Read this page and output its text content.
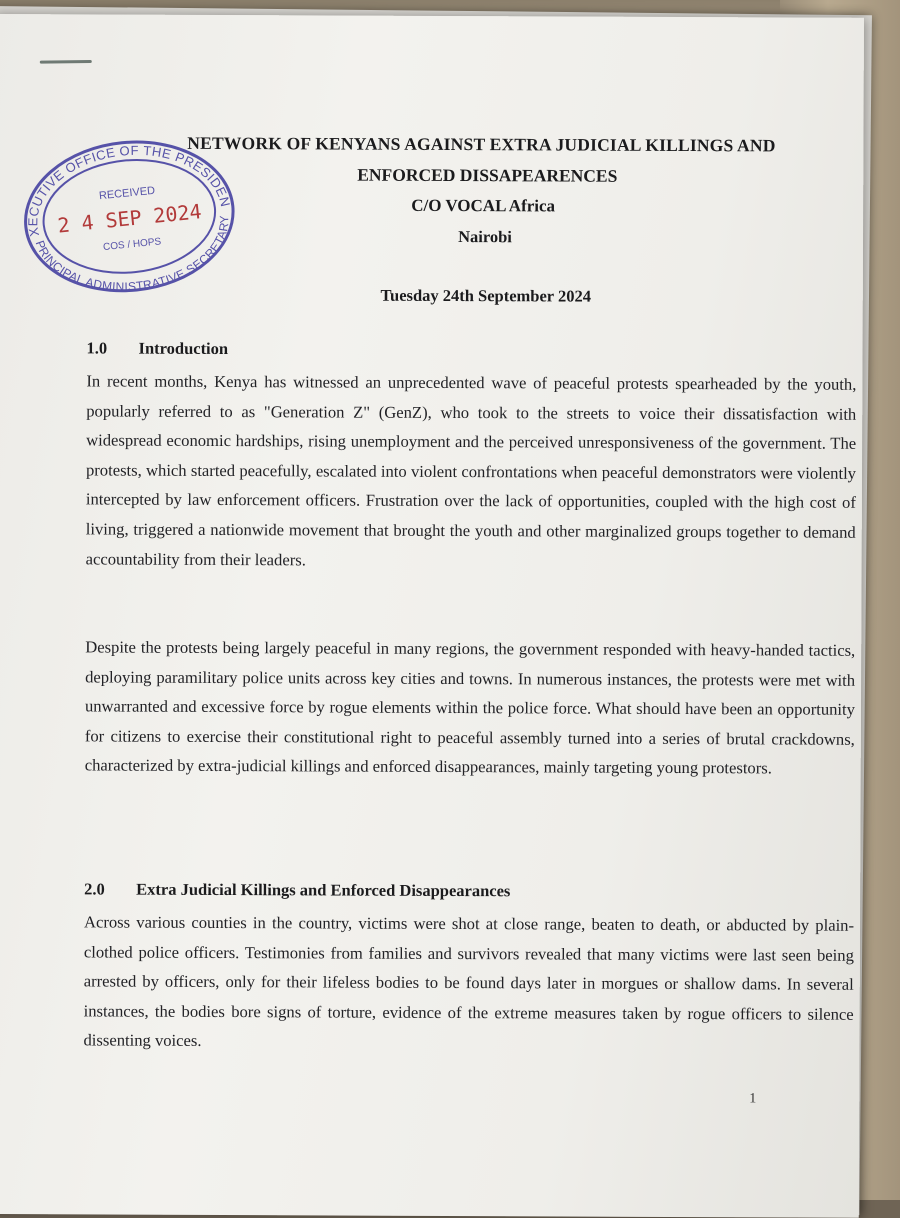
EXECUTIVE OFFICE OF THE PRESIDENT
PRINCIPAL ADMINISTRATIVE SECRETARY
RECEIVED
2 4 SEP 2024
COS / HOPS
NETWORK OF KENYANS AGAINST EXTRA JUDICIAL KILLINGS AND
ENFORCED DISSAPEARENCES
C/O VOCAL Africa
Nairobi
Tuesday 24th September 2024
1.0 Introduction

In recent months, Kenya has witnessed an unprecedented wave of peaceful protests spearheaded by the youth, popularly referred to as "Generation Z" (GenZ), who took to the streets to voice their dissatisfaction with widespread economic hardships, rising unemployment and the perceived unresponsiveness of the government. The protests, which started peacefully, escalated into violent confrontations when peaceful demonstrators were violently intercepted by law enforcement officers. Frustration over the lack of opportunities, coupled with the high cost of living, triggered a nationwide movement that brought the youth and other marginalized groups together to demand accountability from their leaders.

Despite the protests being largely peaceful in many regions, the government responded with heavy-handed tactics, deploying paramilitary police units across key cities and towns. In numerous instances, the protests were met with unwarranted and excessive force by rogue elements within the police force. What should have been an opportunity for citizens to exercise their constitutional right to peaceful assembly turned into a series of brutal crackdowns, characterized by extra-judicial killings and enforced disappearances, mainly targeting young protestors.

2.0 Extra Judicial Killings and Enforced Disappearances

Across various counties in the country, victims were shot at close range, beaten to death, or abducted by plain-clothed police officers. Testimonies from families and survivors revealed that many victims were last seen being arrested by officers, only for their lifeless bodies to be found days later in morgues or shallow dams. In several instances, the bodies bore signs of torture, evidence of the extreme measures taken by rogue officers to silence dissenting voices.

1
